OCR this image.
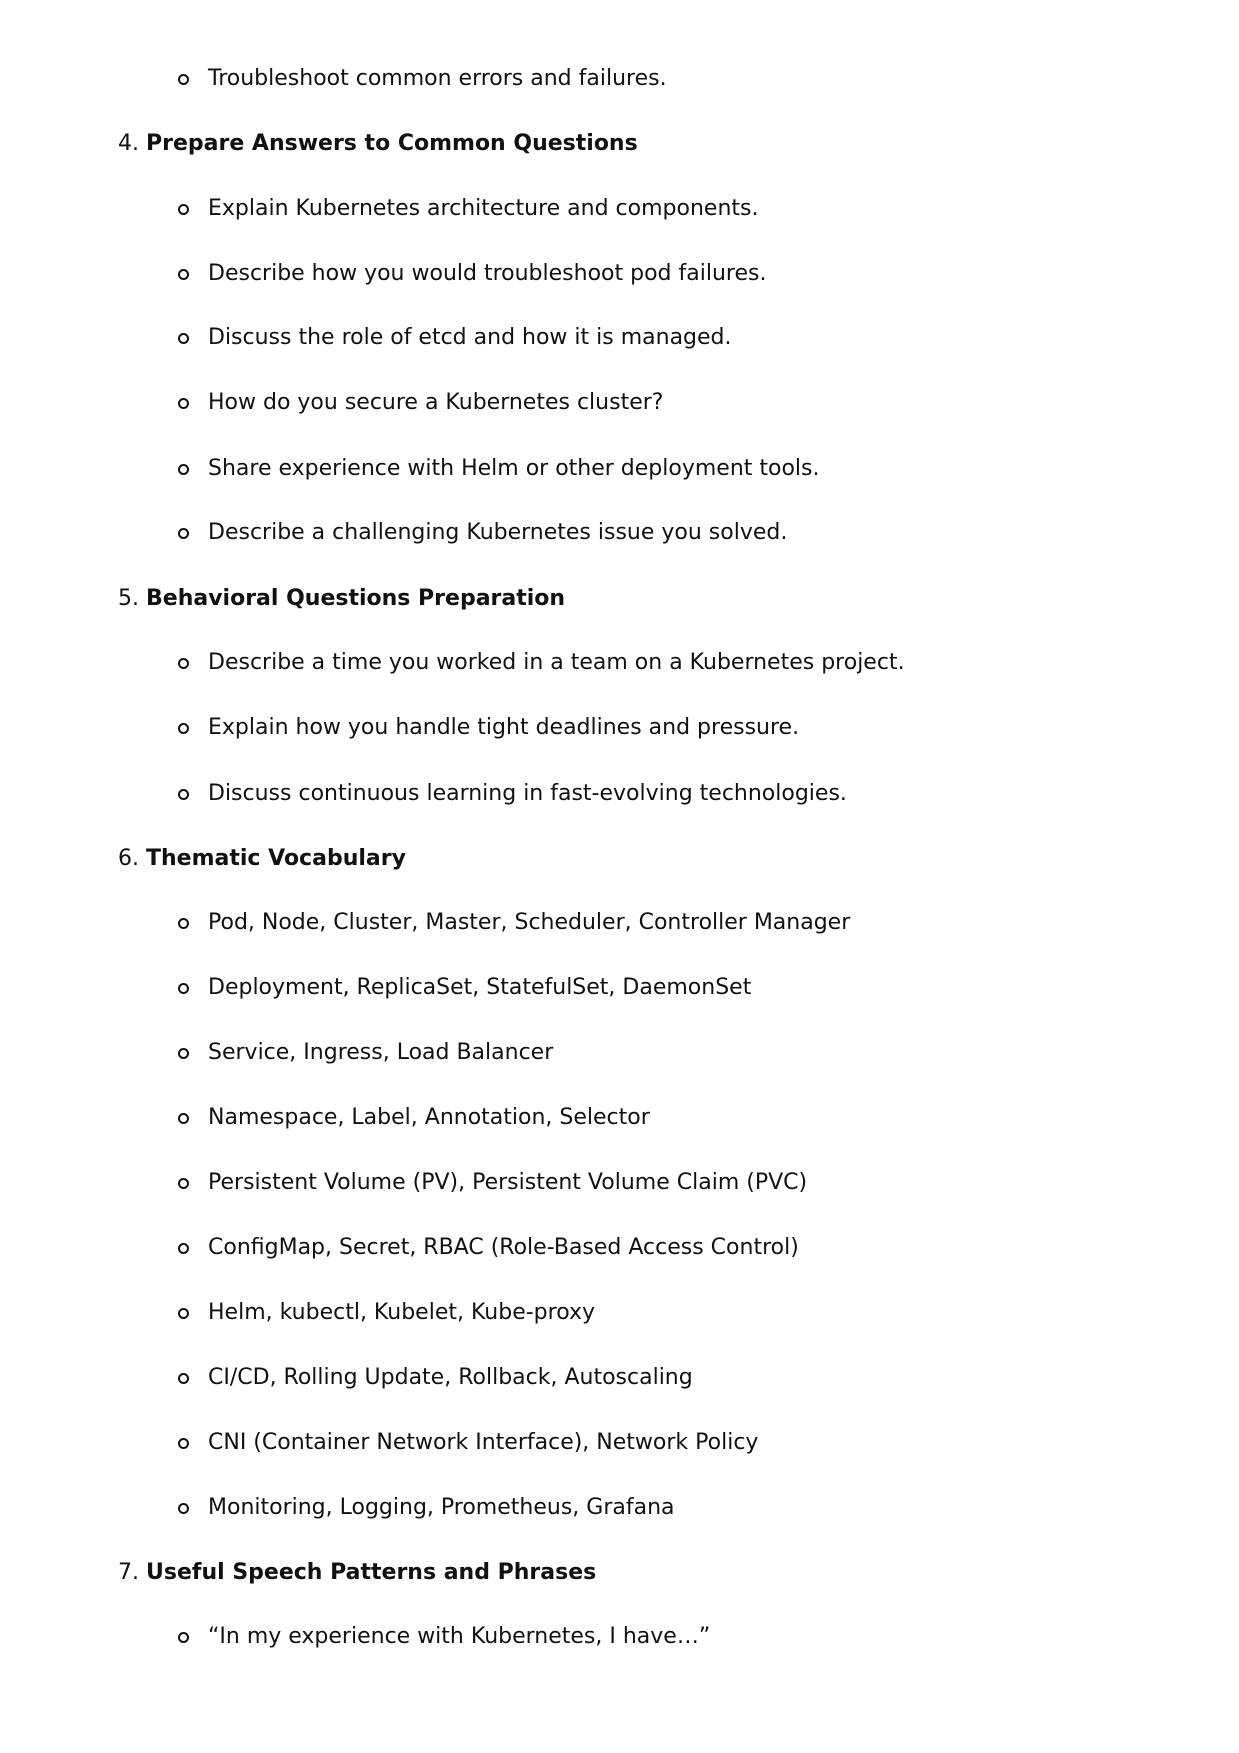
Troubleshoot common errors and failures.
4. Prepare Answers to Common Questions
Explain Kubernetes architecture and components.
Describe how you would troubleshoot pod failures.
Discuss the role of etcd and how it is managed.
How do you secure a Kubernetes cluster?
Share experience with Helm or other deployment tools.
Describe a challenging Kubernetes issue you solved.
5. Behavioral Questions Preparation
Describe a time you worked in a team on a Kubernetes project.
Explain how you handle tight deadlines and pressure.
Discuss continuous learning in fast-evolving technologies.
6. Thematic Vocabulary
Pod, Node, Cluster, Master, Scheduler, Controller Manager
Deployment, ReplicaSet, StatefulSet, DaemonSet
Service, Ingress, Load Balancer
Namespace, Label, Annotation, Selector
Persistent Volume (PV), Persistent Volume Claim (PVC)
ConfigMap, Secret, RBAC (Role-Based Access Control)
Helm, kubectl, Kubelet, Kube-proxy
CI/CD, Rolling Update, Rollback, Autoscaling
CNI (Container Network Interface), Network Policy
Monitoring, Logging, Prometheus, Grafana
7. Useful Speech Patterns and Phrases
“In my experience with Kubernetes, I have…”
